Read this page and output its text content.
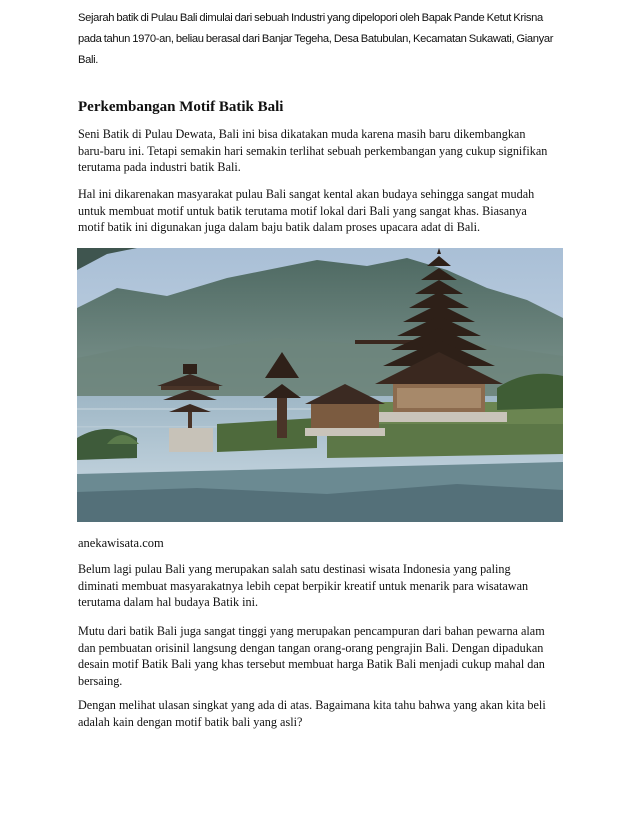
Sejarah batik di Pulau Bali dimulai dari sebuah Industri yang dipelopori oleh Bapak Pande Ketut Krisna
pada tahun 1970-an, beliau berasal dari Banjar Tegeha, Desa Batubulan, Kecamatan Sukawati, Gianyar
Bali.
Perkembangan Motif Batik Bali
Seni Batik di Pulau Dewata, Bali ini bisa dikatakan muda karena masih baru dikembangkan
baru-baru ini. Tetapi semakin hari semakin terlihat sebuah perkembangan yang cukup signifikan
terutama pada industri batik Bali.
Hal ini dikarenakan masyarakat pulau Bali sangat kental akan budaya sehingga sangat mudah
untuk membuat motif untuk batik terutama motif lokal dari Bali yang sangat khas. Biasanya
motif batik ini digunakan juga dalam baju batik dalam proses upacara adat di Bali.
anekawisata.com
Belum lagi pulau Bali yang merupakan salah satu destinasi wisata Indonesia yang paling
diminati membuat masyarakatnya lebih cepat berpikir kreatif untuk menarik para wisatawan
terutama dalam hal budaya Batik ini.
Mutu dari batik Bali juga sangat tinggi yang merupakan pencampuran dari bahan pewarna alam
dan pembuatan orisinil langsung dengan tangan orang-orang pengrajin Bali. Dengan dipadukan
desain motif Batik Bali yang khas tersebut membuat harga Batik Bali menjadi cukup mahal dan
bersaing.
Dengan melihat ulasan singkat yang ada di atas. Bagaimana kita tahu bahwa yang akan kita beli
adalah kain dengan motif batik bali yang asli?
